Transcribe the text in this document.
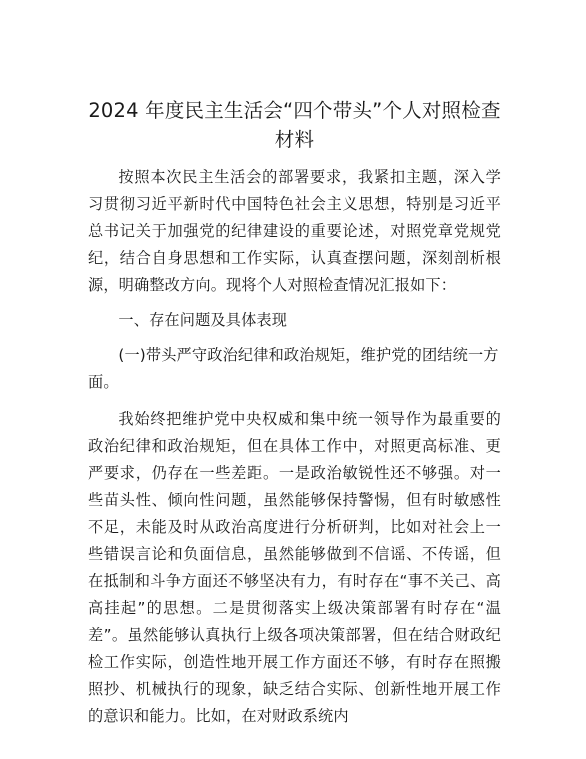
2024 年度民主生活会“四个带头”个人对照检查材料

按照本次民主生活会的部署要求，我紧扣主题，深入学习贯彻习近平新时代中国特色社会主义思想，特别是习近平总书记关于加强党的纪律建设的重要论述，对照党章党规党纪，结合自身思想和工作实际，认真查摆问题，深刻剖析根源，明确整改方向。现将个人对照检查情况汇报如下：

一、存在问题及具体表现

(一)带头严守政治纪律和政治规矩，维护党的团结统一方面。

我始终把维护党中央权威和集中统一领导作为最重要的政治纪律和政治规矩，但在具体工作中，对照更高标准、更严要求，仍存在一些差距。一是政治敏锐性还不够强。对一些苗头性、倾向性问题，虽然能够保持警惕，但有时敏感性不足，未能及时从政治高度进行分析研判，比如对社会上一些错误言论和负面信息，虽然能够做到不信谣、不传谣，但在抵制和斗争方面还不够坚决有力，有时存在“事不关己、高高挂起”的思想。二是贯彻落实上级决策部署有时存在“温差”。虽然能够认真执行上级各项决策部署，但在结合财政纪检工作实际，创造性地开展工作方面还不够，有时存在照搬照抄、机械执行的现象，缺乏结合实际、创新性地开展工作的意识和能力。比如，在对财政系统内
